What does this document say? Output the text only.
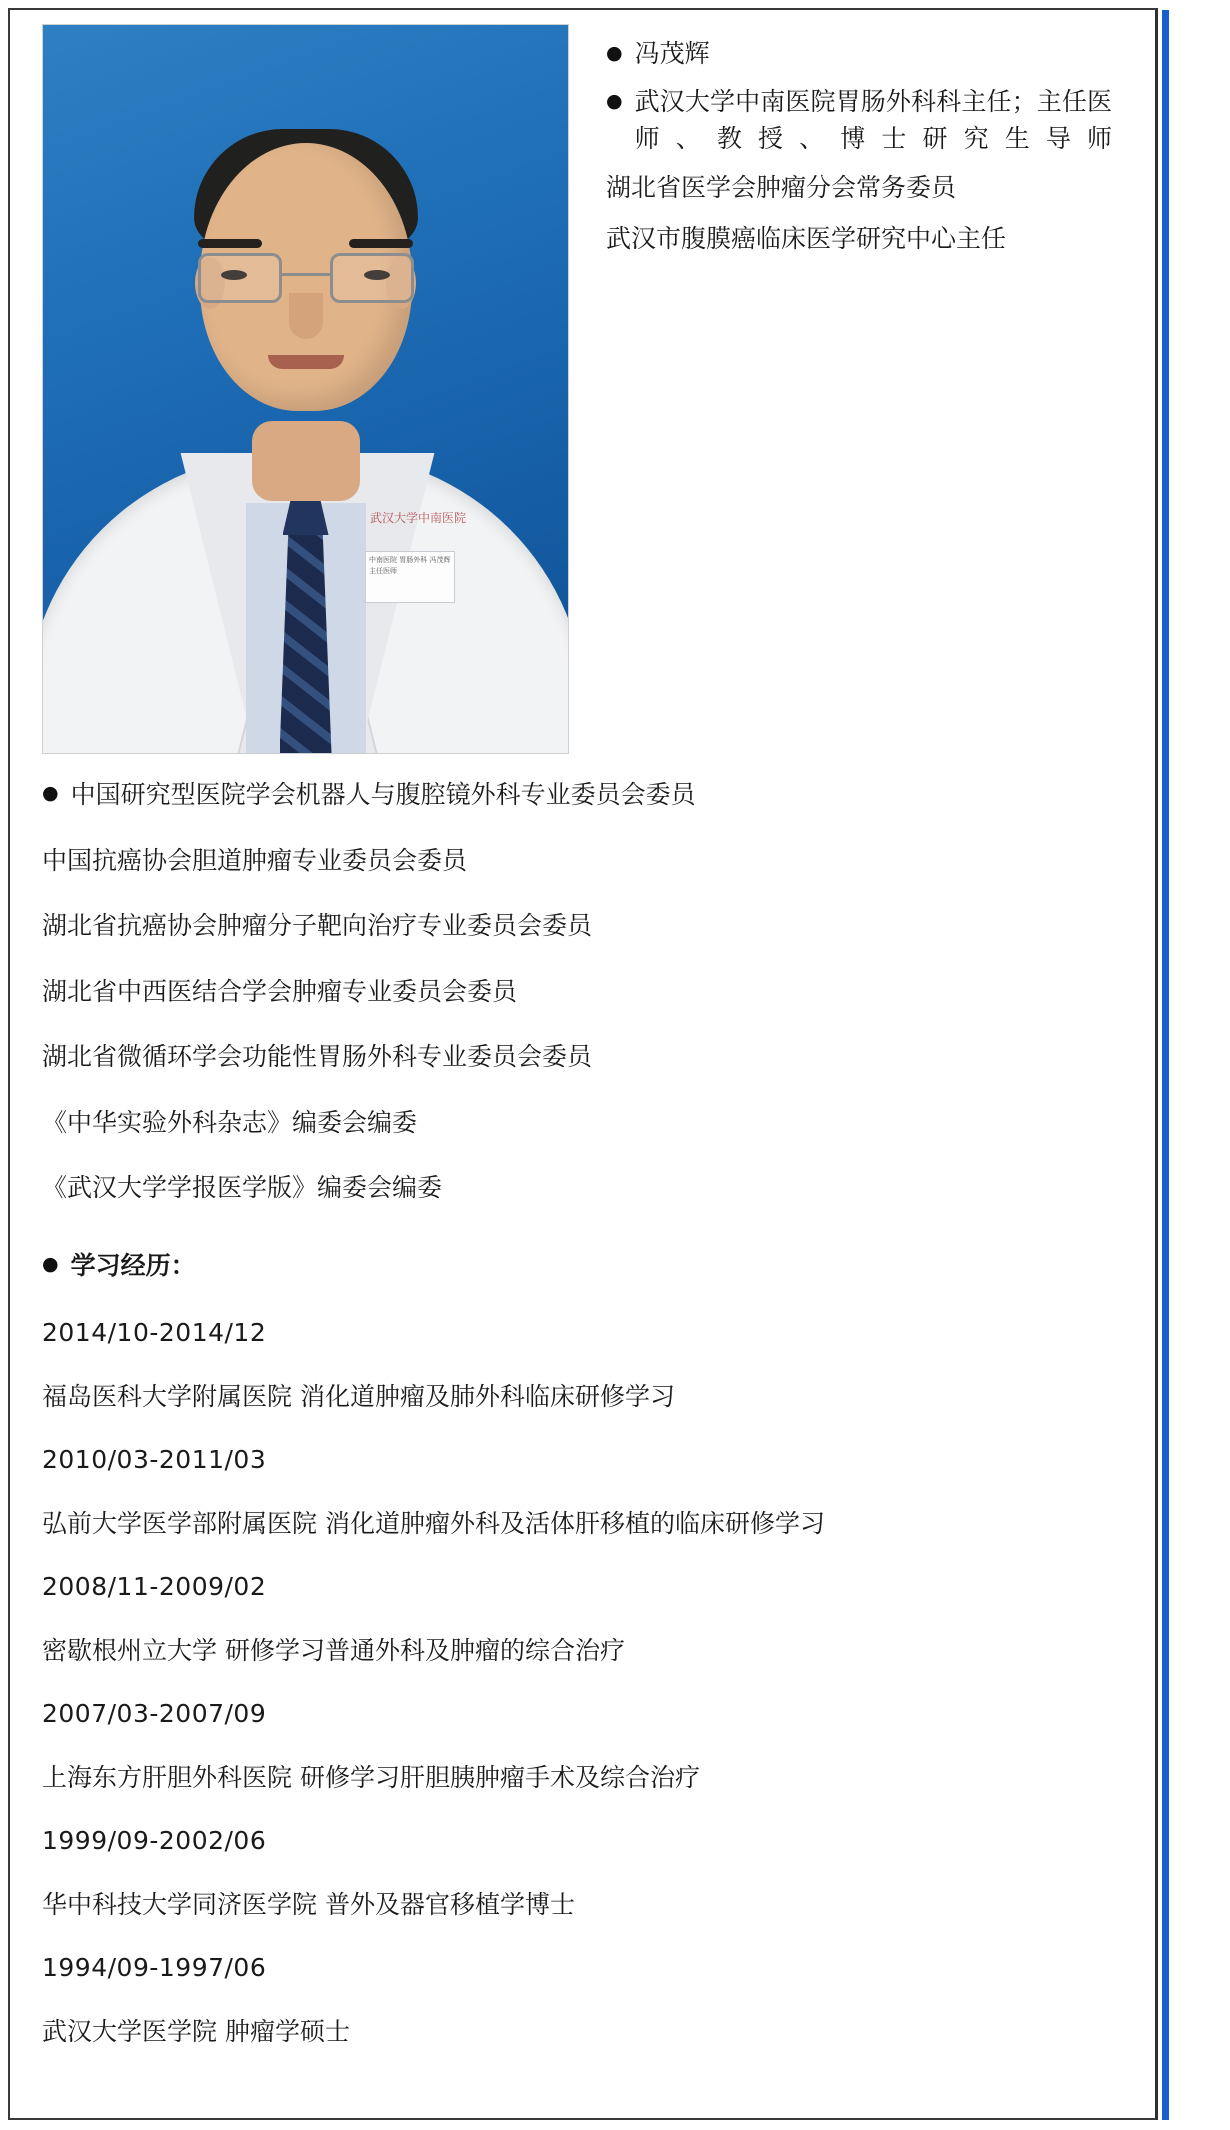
武汉大学中南医院
中南医院 胃肠外科 冯茂辉 主任医师
● 冯茂辉
● 武汉大学中南医院胃肠外科科主任；主任医师、教授、博士研究生导师
湖北省医学会肿瘤分会常务委员
武汉市腹膜癌临床医学研究中心主任
● 中国研究型医院学会机器人与腹腔镜外科专业委员会委员
中国抗癌协会胆道肿瘤专业委员会委员
湖北省抗癌协会肿瘤分子靶向治疗专业委员会委员
湖北省中西医结合学会肿瘤专业委员会委员
湖北省微循环学会功能性胃肠外科专业委员会委员
《中华实验外科杂志》编委会编委
《武汉大学学报医学版》编委会编委
● 学习经历：
2014/10-2014/12
福岛医科大学附属医院 消化道肿瘤及肺外科临床研修学习
2010/03-2011/03
弘前大学医学部附属医院 消化道肿瘤外科及活体肝移植的临床研修学习
2008/11-2009/02
密歇根州立大学 研修学习普通外科及肿瘤的综合治疗
2007/03-2007/09
上海东方肝胆外科医院 研修学习肝胆胰肿瘤手术及综合治疗
1999/09-2002/06
华中科技大学同济医学院 普外及器官移植学博士
1994/09-1997/06
武汉大学医学院 肿瘤学硕士
